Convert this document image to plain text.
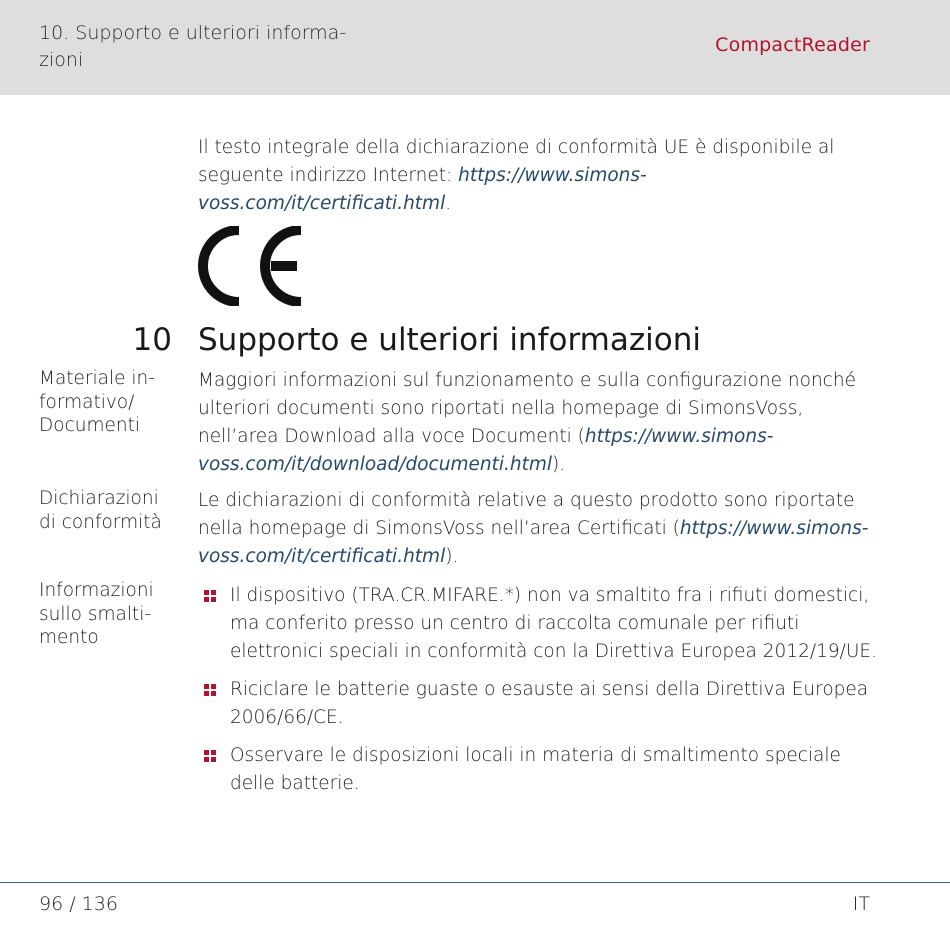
10. Supporto e ulteriori informa-zioni
CompactReader
Il testo integrale della dichiarazione di conformità UE è disponibile al seguente indirizzo Internet: https://www.simons-voss.com/it/certificati.html.
10 Supporto e ulteriori informazioni
Materiale in-formativo/ Documenti
Maggiori informazioni sul funzionamento e sulla configurazione nonché ulteriori documenti sono riportati nella homepage di SimonsVoss, nell’area Download alla voce Documenti (https://www.simons-voss.com/it/download/documenti.html).
Dichiarazioni di conformità
Le dichiarazioni di conformità relative a questo prodotto sono riportate nella homepage di SimonsVoss nell’area Certificati (https://www.simons-voss.com/it/certificati.html).
Informazioni sullo smalti-mento
Il dispositivo (TRA.CR.MIFARE.*) non va smaltito fra i rifiuti domestici, ma conferito presso un centro di raccolta comunale per rifiuti elettronici speciali in conformità con la Direttiva Europea 2012/19/UE.
Riciclare le batterie guaste o esauste ai sensi della Direttiva Europea 2006/66/CE.
Osservare le disposizioni locali in materia di smaltimento speciale delle batterie.
96 / 136	IT
